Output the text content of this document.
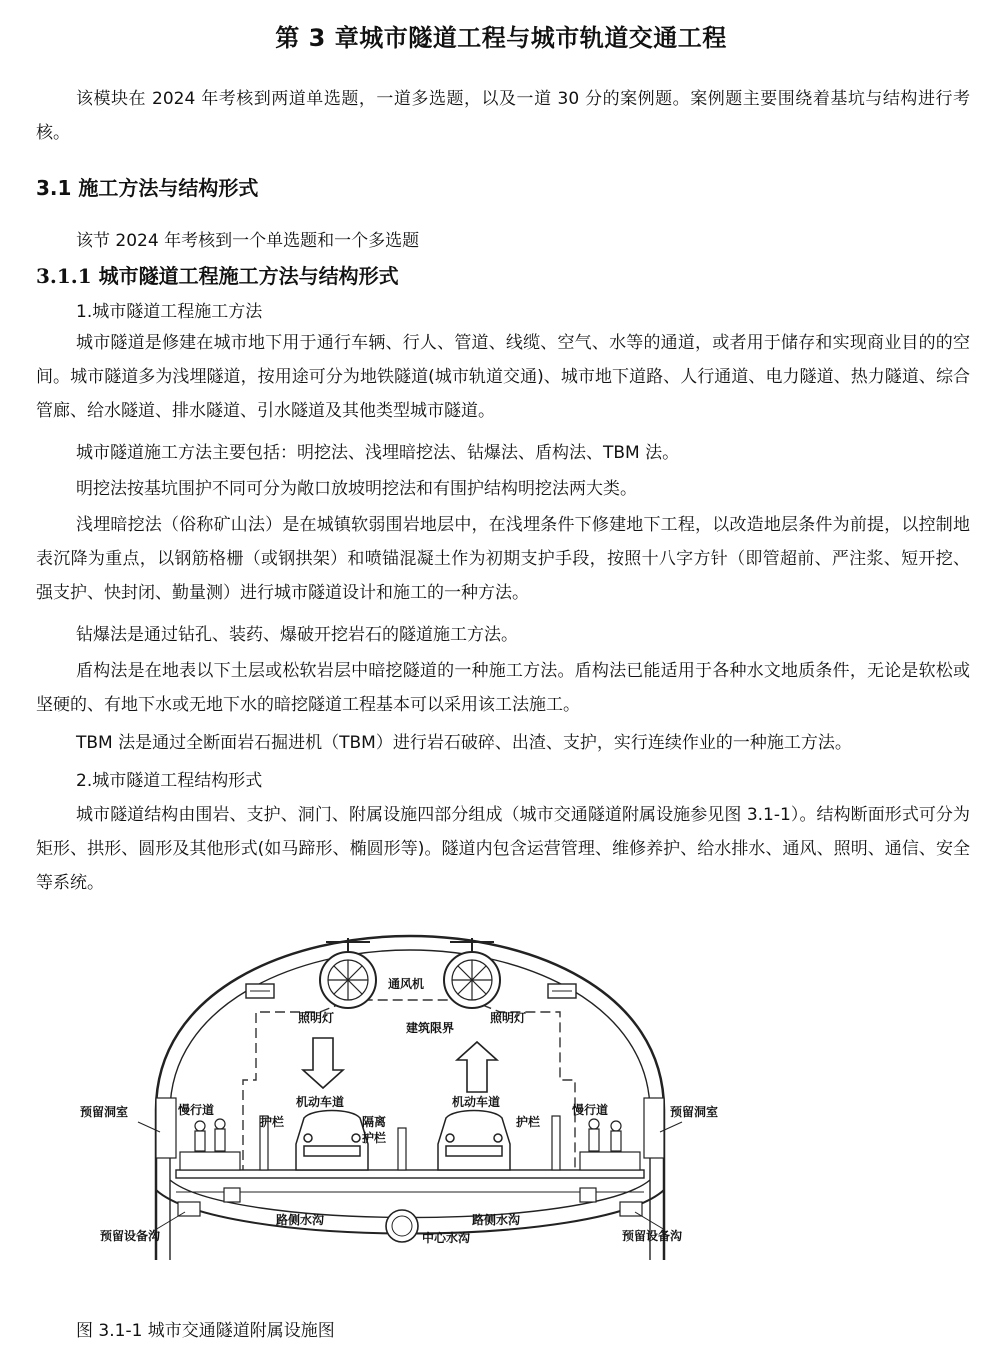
第 3 章城市隧道工程与城市轨道交通工程

该模块在 2024 年考核到两道单选题，一道多选题，以及一道 30 分的案例题。案例题主要围绕着基坑与结构进行考核。

3.1 施工方法与结构形式
该节 2024 年考核到一个单选题和一个多选题
3.1.1 城市隧道工程施工方法与结构形式
1.城市隧道工程施工方法

城市隧道是修建在城市地下用于通行车辆、行人、管道、线缆、空气、水等的通道，或者用于储存和实现商业目的的空间。城市隧道多为浅埋隧道，按用途可分为地铁隧道(城市轨道交通)、城市地下道路、人行通道、电力隧道、热力隧道、综合管廊、给水隧道、排水隧道、引水隧道及其他类型城市隧道。

城市隧道施工方法主要包括：明挖法、浅埋暗挖法、钻爆法、盾构法、TBM 法。

明挖法按基坑围护不同可分为敞口放坡明挖法和有围护结构明挖法两大类。

浅埋暗挖法（俗称矿山法）是在城镇软弱围岩地层中，在浅埋条件下修建地下工程，以改造地层条件为前提，以控制地表沉降为重点，以钢筋格栅（或钢拱架）和喷锚混凝土作为初期支护手段，按照十八字方针（即管超前、严注浆、短开挖、强支护、快封闭、勤量测）进行城市隧道设计和施工的一种方法。

钻爆法是通过钻孔、装药、爆破开挖岩石的隧道施工方法。

盾构法是在地表以下土层或松软岩层中暗挖隧道的一种施工方法。盾构法已能适用于各种水文地质条件，无论是软松或坚硬的、有地下水或无地下水的暗挖隧道工程基本可以采用该工法施工。

TBM 法是通过全断面岩石掘进机（TBM）进行岩石破碎、出渣、支护，实行连续作业的一种施工方法。

2.城市隧道工程结构形式

城市隧道结构由围岩、支护、洞门、附属设施四部分组成（城市交通隧道附属设施参见图 3.1-1）。结构断面形式可分为矩形、拱形、圆形及其他形式(如马蹄形、椭圆形等)。隧道内包含运营管理、维修养护、给水排水、通风、照明、通信、安全等系统。

通风机
照明灯	照明灯
建筑限界
机动车道	机动车道
慢行道	慢行道
预留洞室	预留洞室
护栏	护栏
隔离
护栏
路侧水沟	路侧水沟
中心水沟
预留设备沟	预留设备沟
图 3.1-1 城市交通隧道附属设施图
